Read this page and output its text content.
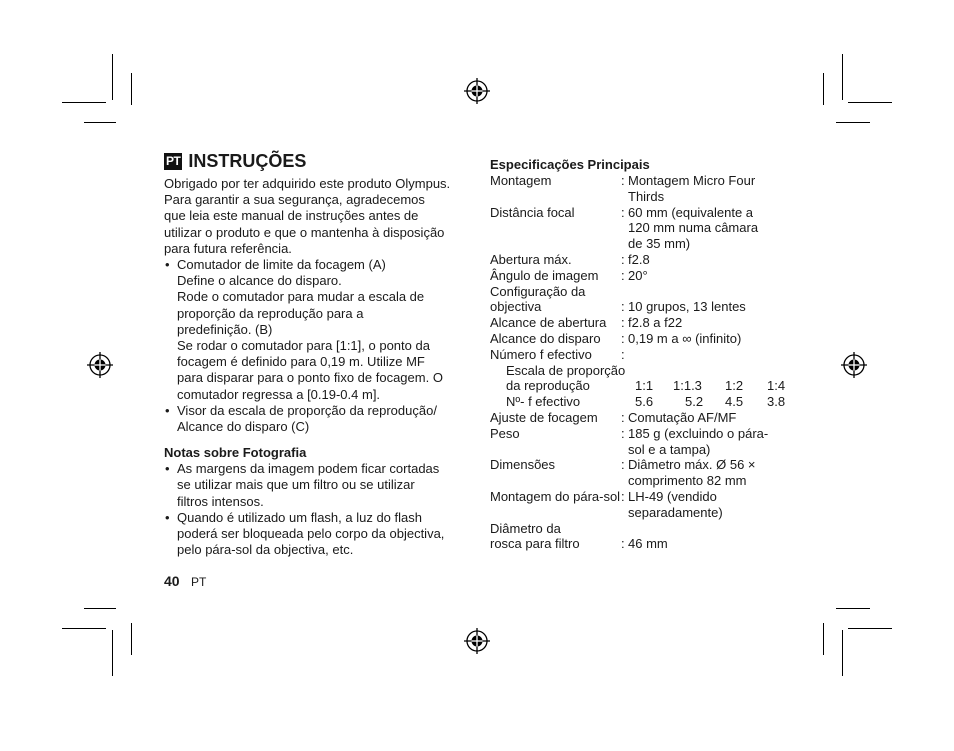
PT INSTRUÇÕES
Obrigado por ter adquirido este produto Olympus.
Para garantir a sua segurança, agradecemos
que leia este manual de instruções antes de
utilizar o produto e que o mantenha à disposição
para futura referência.
• Comutador de limite da focagem (A)
Define o alcance do disparo.
Rode o comutador para mudar a escala de
proporção da reprodução para a
predefinição. (B)
Se rodar o comutador para [1:1], o ponto da
focagem é definido para 0,19 m. Utilize MF
para disparar para o ponto fixo de focagem. O
comutador regressa a [0.19-0.4 m].
• Visor da escala de proporção da reprodução/
Alcance do disparo (C)
Notas sobre Fotografia
• As margens da imagem podem ficar cortadas
se utilizar mais que um filtro ou se utilizar
filtros intensos.
• Quando é utilizado um flash, a luz do flash
poderá ser bloqueada pelo corpo da objectiva,
pelo pára-sol da objectiva, etc.
Especificações Principais
Montagem	: Montagem Micro Four
Thirds
Distância focal	: 60 mm (equivalente a
120 mm numa câmara
de 35 mm)
Abertura máx.	: f2.8
Ângulo de imagem : 20°
Configuração da
objectiva	: 10 grupos, 13 lentes
Alcance de abertura : f2.8 a f22
Alcance do disparo : 0,19 m a ∞ (infinito)
Número f efectivo :

Escala de proporção
da reprodução	1:1 1:1.3 1:2 1:4
Nº- f efectivo	5.6 5.2 4.5 3.8
Ajuste de focagem : Comutação AF/MF
Peso	: 185 g (excluindo o pára-
sol e a tampa)
Dimensões	: Diâmetro máx. Ø 56 ×
comprimento 82 mm
Montagem do pára-sol : LH-49 (vendido
separadamente)
Diâmetro da
rosca para filtro	: 46 mm
40 PT
